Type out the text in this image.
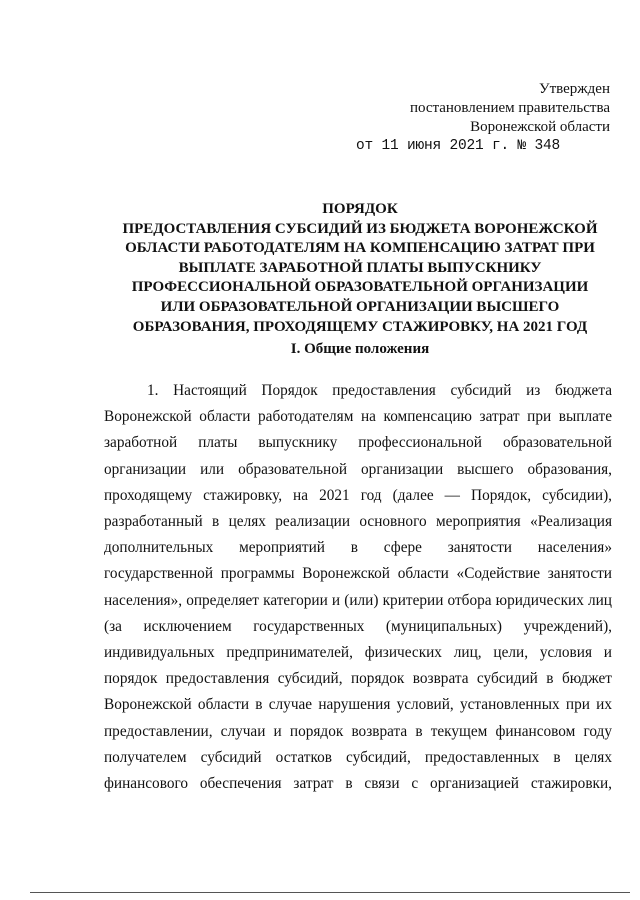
Утвержден
постановлением правительства
Воронежской области
от 11 июня 2021 г. № 348
ПОРЯДОК
ПРЕДОСТАВЛЕНИЯ СУБСИДИЙ ИЗ БЮДЖЕТА ВОРОНЕЖСКОЙ
ОБЛАСТИ РАБОТОДАТЕЛЯМ НА КОМПЕНСАЦИЮ ЗАТРАТ ПРИ
ВЫПЛАТЕ ЗАРАБОТНОЙ ПЛАТЫ ВЫПУСКНИКУ
ПРОФЕССИОНАЛЬНОЙ ОБРАЗОВАТЕЛЬНОЙ ОРГАНИЗАЦИИ
ИЛИ ОБРАЗОВАТЕЛЬНОЙ ОРГАНИЗАЦИИ ВЫСШЕГО
ОБРАЗОВАНИЯ, ПРОХОДЯЩЕМУ СТАЖИРОВКУ, НА 2021 ГОД
I. Общие положения
1. Настоящий Порядок предоставления субсидий из бюджета
Воронежской области работодателям на компенсацию затрат при выплате
заработной платы выпускнику профессиональной образовательной
организации или образовательной организации высшего образования,
проходящему стажировку, на 2021 год (далее — Порядок, субсидии),
разработанный в целях реализации основного мероприятия «Реализация
дополнительных мероприятий в сфере занятости населения»
государственной программы Воронежской области «Содействие занятости
населения», определяет категории и (или) критерии отбора юридических лиц
(за исключением государственных (муниципальных) учреждений),
индивидуальных предпринимателей, физических лиц, цели, условия и
порядок предоставления субсидий, порядок возврата субсидий в бюджет
Воронежской области в случае нарушения условий, установленных при их
предоставлении, случаи и порядок возврата в текущем финансовом году
получателем субсидий остатков субсидий, предоставленных в целях
финансового обеспечения затрат в связи с организацией стажировки,
